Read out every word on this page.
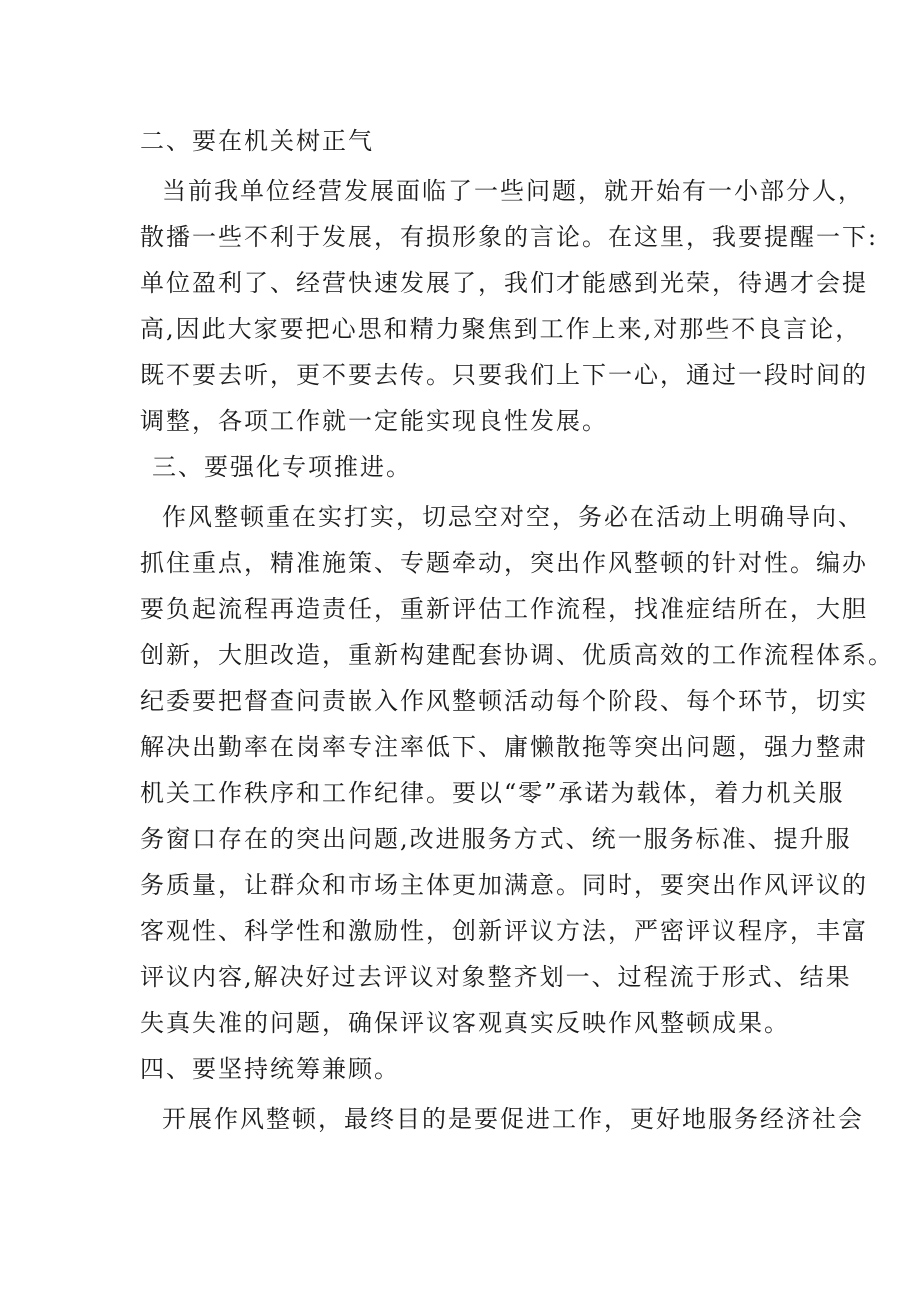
二、要在机关树正气
当前我单位经营发展面临了一些问题，就开始有一小部分人，
散播一些不利于发展，有损形象的言论。在这里，我要提醒一下:
单位盈利了、经营快速发展了，我们才能感到光荣，待遇才会提
高,因此大家要把心思和精力聚焦到工作上来,对那些不良言论，
既不要去听，更不要去传。只要我们上下一心，通过一段时间的
调整，各项工作就一定能实现良性发展。
三、要强化专项推进。
作风整顿重在实打实，切忌空对空，务必在活动上明确导向、
抓住重点，精准施策、专题牵动，突出作风整顿的针对性。编办
要负起流程再造责任，重新评估工作流程，找准症结所在，大胆
创新，大胆改造，重新构建配套协调、优质高效的工作流程体系。
纪委要把督查问责嵌入作风整顿活动每个阶段、每个环节，切实
解决出勤率在岗率专注率低下、庸懒散拖等突出问题，强力整肃
机关工作秩序和工作纪律。要以“零”承诺为载体，着力机关服
务窗口存在的突出问题,改进服务方式、统一服务标准、提升服
务质量，让群众和市场主体更加满意。同时，要突出作风评议的
客观性、科学性和激励性，创新评议方法，严密评议程序，丰富
评议内容,解决好过去评议对象整齐划一、过程流于形式、结果
失真失准的问题，确保评议客观真实反映作风整顿成果。
四、要坚持统筹兼顾。
开展作风整顿，最终目的是要促进工作，更好地服务经济社会
